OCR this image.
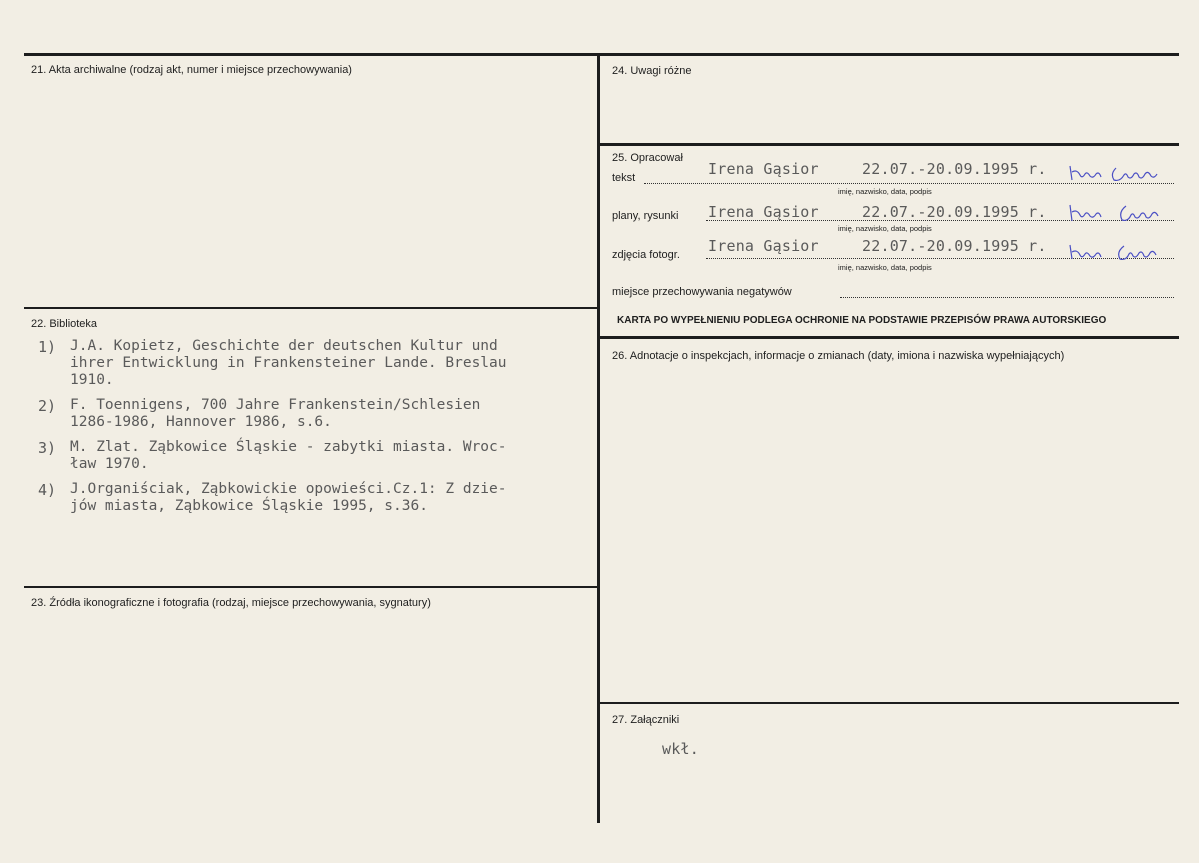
21. Akta archiwalne (rodzaj akt, numer i miejsce przechowywania)
22. Biblioteka
23. Źródła ikonograficzne i fotografia (rodzaj, miejsce przechowywania, sygnatury)
1) J.A. Kopietz, Geschichte der deutschen Kultur und
ihrer Entwicklung in Frankensteiner Lande. Breslau
1910.
2) F. Toennigens, 700 Jahre Frankenstein/Schlesien
1286-1986, Hannover 1986, s.6.
3) M. Zlat. Ząbkowice Śląskie - zabytki miasta. Wroc-
ław 1970.
4) J.Organiściak, Ząbkowickie opowieści.Cz.1: Z dzie-
jów miasta, Ząbkowice Śląskie 1995, s.36.
24. Uwagi różne
25. Opracował
tekst	Irena Gąsior	22.07.-20.09.1995 r.
imię, nazwisko, data, podpis
plany, rysunki Irena Gąsior	22.07.-20.09.1995 r.
imię, nazwisko, data, podpis
zdjęcia fotogr. Irena Gąsior	22.07.-20.09.1995 r.
imię, nazwisko, data, podpis
miejsce przechowywania negatywów
KARTA PO WYPEŁNIENIU PODLEGA OCHRONIE NA PODSTAWIE PRZEPISÓW PRAWA AUTORSKIEGO
26. Adnotacje o inspekcjach, informacje o zmianach (daty, imiona i nazwiska wypełniających)
27. Załączniki
wkł.
